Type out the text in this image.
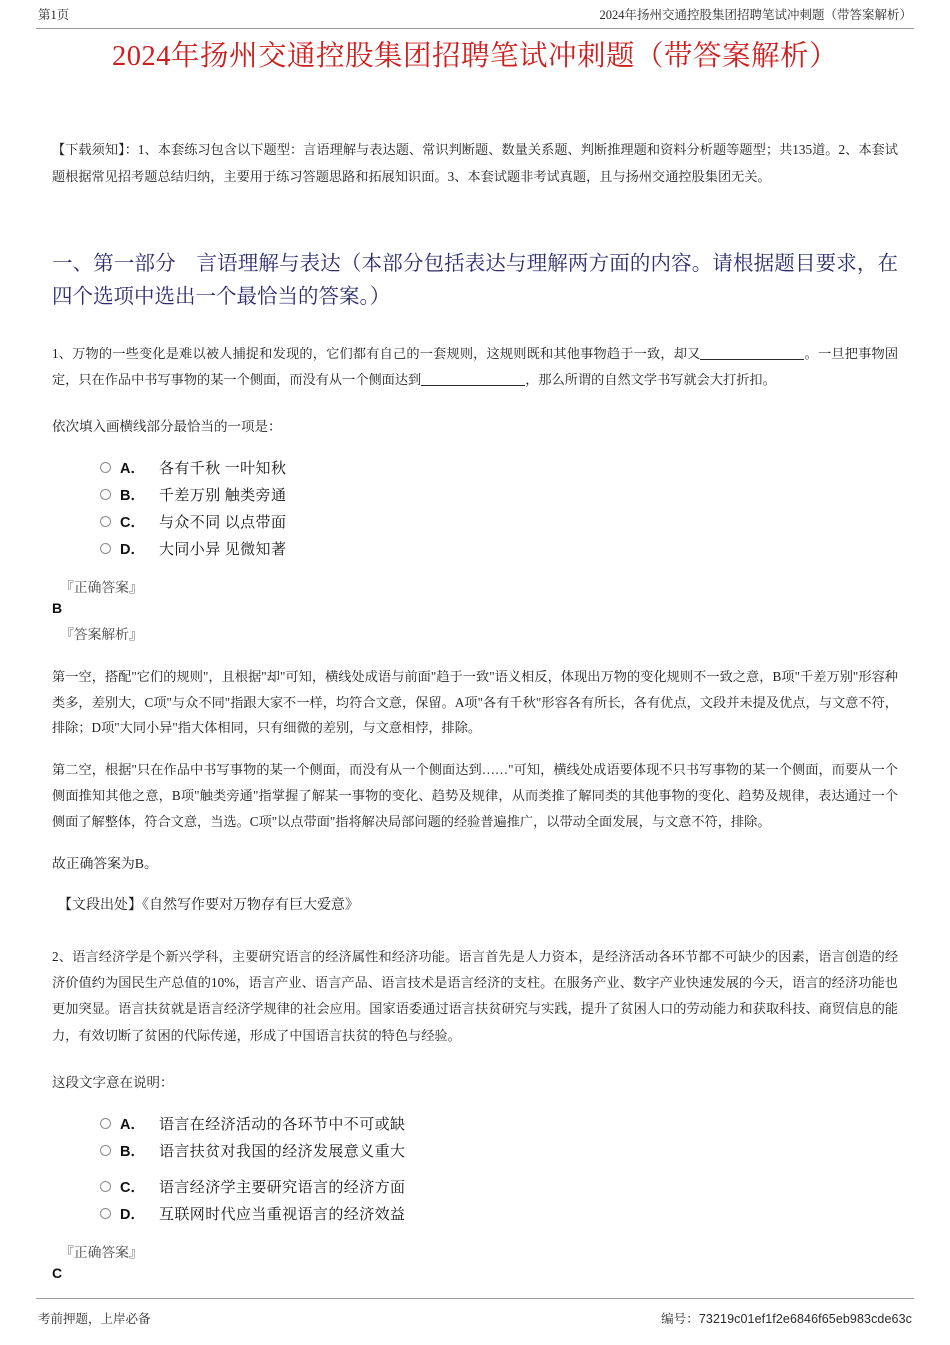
第1页	2024年扬州交通控股集团招聘笔试冲刺题（带答案解析）
2024年扬州交通控股集团招聘笔试冲刺题（带答案解析）

【下载须知】：1、本套练习包含以下题型：言语理解与表达题、常识判断题、数量关系题、判断推理题和资料分析题等题型；共135道。2、本套试题根据常见招考题总结归纳，主要用于练习答题思路和拓展知识面。3、本套试题非考试真题，且与扬州交通控股集团无关。

一、第一部分　言语理解与表达（本部分包括表达与理解两方面的内容。请根据题目要求，在四个选项中选出一个最恰当的答案。）

1、万物的一些变化是难以被人捕捉和发现的，它们都有自己的一套规则，这规则既和其他事物趋于一致，却又	。一旦把事物固定，只在作品中书写事物的某一个侧面，而没有从一个侧面达到	，那么所谓的自然文学书写就会大打折扣。

依次填入画横线部分最恰当的一项是：

A． 各有千秋 一叶知秋
B． 千差万别 触类旁通
C． 与众不同 以点带面
D． 大同小异 见微知著

『正确答案』

B

『答案解析』

第一空，搭配"它们的规则"，且根据"却"可知，横线处成语与前面"趋于一致"语义相反，体现出万物的变化规则不一致之意，B项"千差万别"形容种类多，差别大，C项"与众不同"指跟大家不一样，均符合文意，保留。A项"各有千秋"形容各有所长，各有优点，文段并未提及优点，与文意不符，排除；D项"大同小异"指大体相同，只有细微的差别，与文意相悖，排除。

第二空，根据"只在作品中书写事物的某一个侧面，而没有从一个侧面达到……"可知，横线处成语要体现不只书写事物的某一个侧面，而要从一个侧面推知其他之意，B项"触类旁通"指掌握了解某一事物的变化、趋势及规律，从而类推了解同类的其他事物的变化、趋势及规律，表达通过一个侧面了解整体，符合文意，当选。C项"以点带面"指将解决局部问题的经验普遍推广，以带动全面发展，与文意不符，排除。

故正确答案为B。

【文段出处】《自然写作要对万物存有巨大爱意》

2、语言经济学是个新兴学科，主要研究语言的经济属性和经济功能。语言首先是人力资本，是经济活动各环节都不可缺少的因素，语言创造的经济价值约为国民生产总值的10%，语言产业、语言产品、语言技术是语言经济的支柱。在服务产业、数字产业快速发展的今天，语言的经济功能也更加突显。语言扶贫就是语言经济学规律的社会应用。国家语委通过语言扶贫研究与实践，提升了贫困人口的劳动能力和获取科技、商贸信息的能力，有效切断了贫困的代际传递，形成了中国语言扶贫的特色与经验。

这段文字意在说明：

A． 语言在经济活动的各环节中不可或缺
B． 语言扶贫对我国的经济发展意义重大
C． 语言经济学主要研究语言的经济方面
D． 互联网时代应当重视语言的经济效益

『正确答案』

C

考前押题，上岸必备	编号：73219c01ef1f2e6846f65eb983cde63c
